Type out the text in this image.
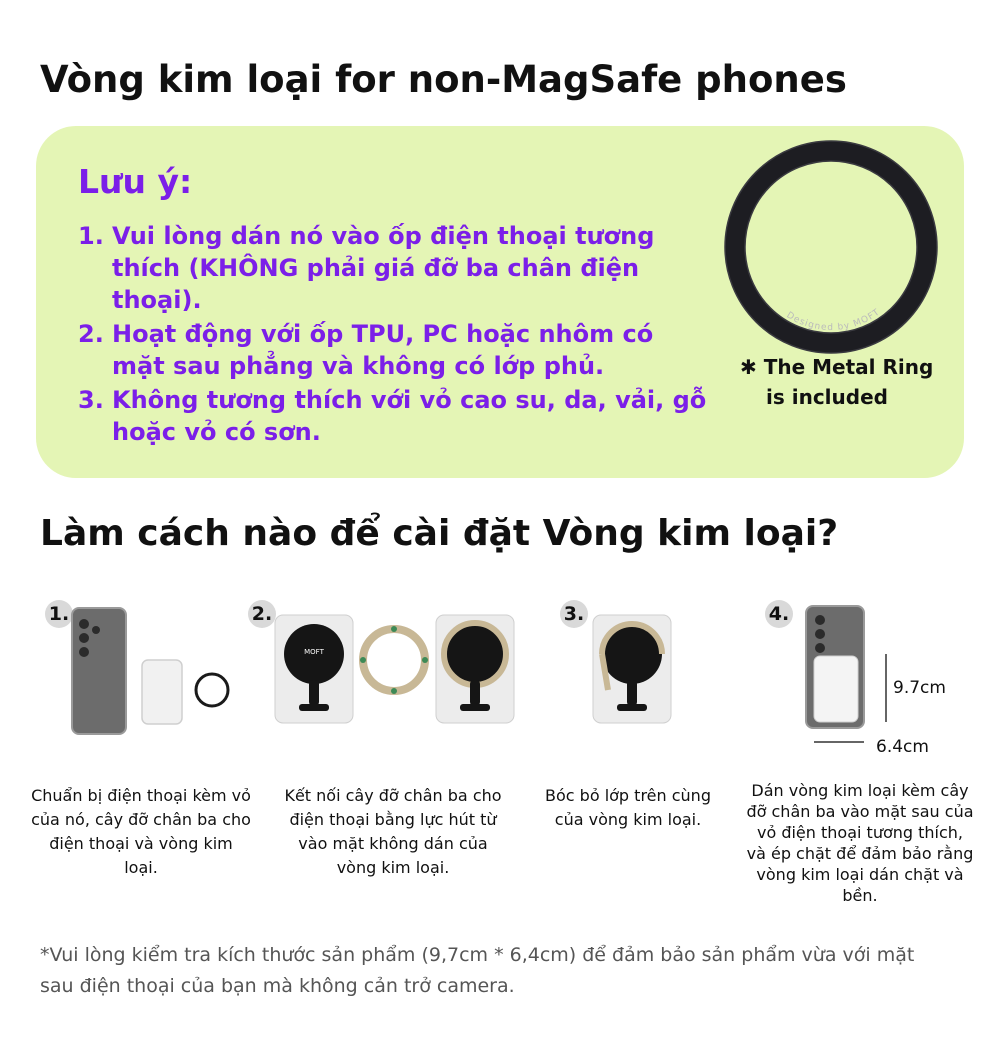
Vòng kim loại for non-MagSafe phones
Lưu ý:
1. Vui lòng dán nó vào ốp điện thoại tương thích (KHÔNG phải giá đỡ ba chân điện thoại).
2. Hoạt động với ốp TPU, PC hoặc nhôm có mặt sau phẳng và không có lớp phủ.
3. Không tương thích với vỏ cao su, da, vải, gỗ hoặc vỏ có sơn.
Designed by MOFT
✱ The Metal Ring
is included
Làm cách nào để cài đặt Vòng kim loại?
1.
Chuẩn bị điện thoại kèm vỏ của nó, cây đỡ chân ba cho điện thoại và vòng kim loại.
2.
MOFT
Kết nối cây đỡ chân ba cho điện thoại bằng lực hút từ vào mặt không dán của vòng kim loại.
3.
Bóc bỏ lớp trên cùng của vòng kim loại.
4.
9.7cm
6.4cm
Dán vòng kim loại kèm cây đỡ chân ba vào mặt sau của vỏ điện thoại tương thích, và ép chặt để đảm bảo rằng vòng kim loại dán chặt và bền.
*Vui lòng kiểm tra kích thước sản phẩm (9,7cm * 6,4cm) để đảm bảo sản phẩm vừa với mặt sau điện thoại của bạn mà không cản trở camera.
